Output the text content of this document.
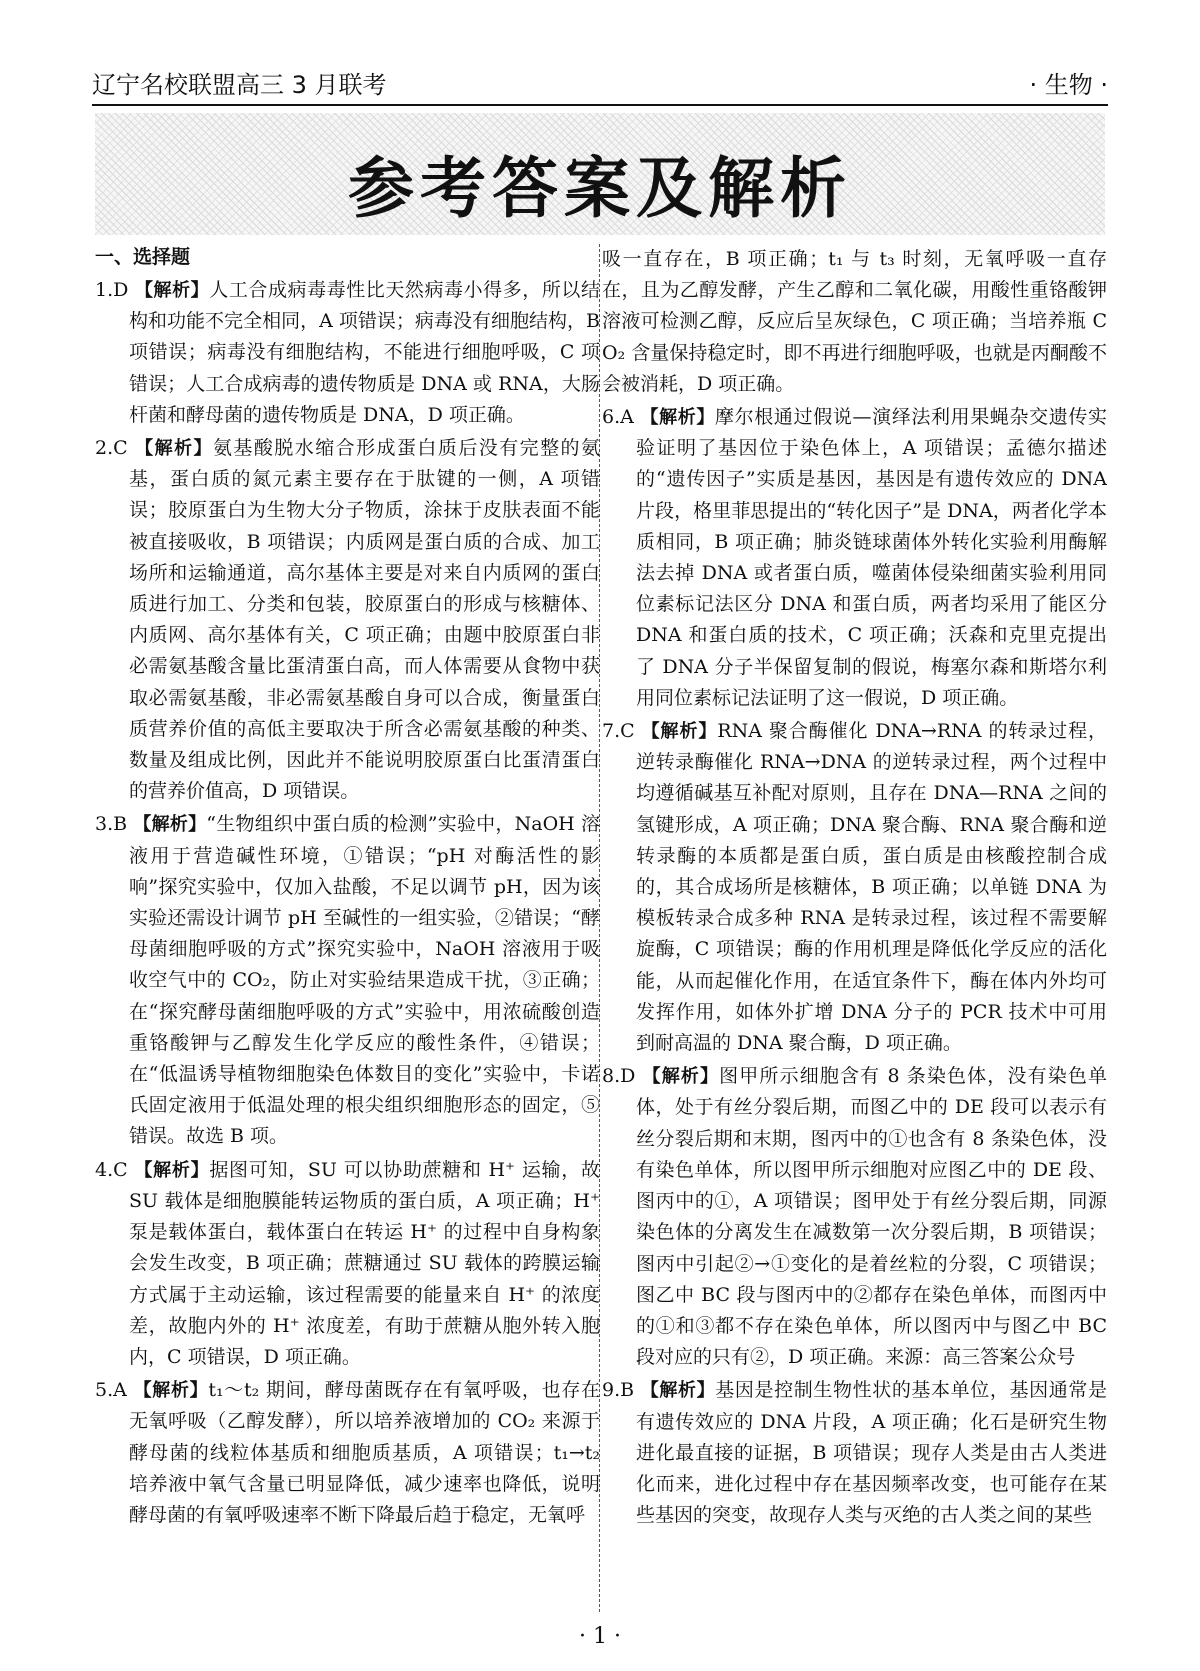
辽宁名校联盟高三 3 月联考	· 生物 ·
参考答案及解析
一、选择题

1.D 【解析】人工合成病毒毒性比天然病毒小得多，所以结构和功能不完全相同，A 项错误；病毒没有细胞结构，B 项错误；病毒没有细胞结构，不能进行细胞呼吸，C 项错误；人工合成病毒的遗传物质是 DNA 或 RNA，大肠杆菌和酵母菌的遗传物质是 DNA，D 项正确。

2.C 【解析】氨基酸脱水缩合形成蛋白质后没有完整的氨基，蛋白质的氮元素主要存在于肽键的一侧，A 项错误；胶原蛋白为生物大分子物质，涂抹于皮肤表面不能被直接吸收，B 项错误；内质网是蛋白质的合成、加工场所和运输通道，高尔基体主要是对来自内质网的蛋白质进行加工、分类和包装，胶原蛋白的形成与核糖体、内质网、高尔基体有关，C 项正确；由题中胶原蛋白非必需氨基酸含量比蛋清蛋白高，而人体需要从食物中获取必需氨基酸，非必需氨基酸自身可以合成，衡量蛋白质营养价值的高低主要取决于所含必需氨基酸的种类、数量及组成比例，因此并不能说明胶原蛋白比蛋清蛋白的营养价值高，D 项错误。

3.B 【解析】“生物组织中蛋白质的检测”实验中，NaOH 溶液用于营造碱性环境，①错误；“pH 对酶活性的影响”探究实验中，仅加入盐酸，不足以调节 pH，因为该实验还需设计调节 pH 至碱性的一组实验，②错误；“酵母菌细胞呼吸的方式”探究实验中，NaOH 溶液用于吸收空气中的 CO₂，防止对实验结果造成干扰，③正确；在“探究酵母菌细胞呼吸的方式”实验中，用浓硫酸创造重铬酸钾与乙醇发生化学反应的酸性条件，④错误；在“低温诱导植物细胞染色体数目的变化”实验中，卡诺氏固定液用于低温处理的根尖组织细胞形态的固定，⑤错误。故选 B 项。

4.C 【解析】据图可知，SU 可以协助蔗糖和 H⁺ 运输，故 SU 载体是细胞膜能转运物质的蛋白质，A 项正确；H⁺ 泵是载体蛋白，载体蛋白在转运 H⁺ 的过程中自身构象会发生改变，B 项正确；蔗糖通过 SU 载体的跨膜运输方式属于主动运输，该过程需要的能量来自 H⁺ 的浓度差，故胞内外的 H⁺ 浓度差，有助于蔗糖从胞外转入胞内，C 项错误，D 项正确。

5.A 【解析】t₁～t₂ 期间，酵母菌既存在有氧呼吸，也存在无氧呼吸（乙醇发酵），所以培养液增加的 CO₂ 来源于酵母菌的线粒体基质和细胞质基质，A 项错误；t₁→t₂ 培养液中氧气含量已明显降低，减少速率也降低，说明酵母菌的有氧呼吸速率不断下降最后趋于稳定，无氧呼

吸一直存在，B 项正确；t₁ 与 t₃ 时刻，无氧呼吸一直存在，且为乙醇发酵，产生乙醇和二氧化碳，用酸性重铬酸钾溶液可检测乙醇，反应后呈灰绿色，C 项正确；当培养瓶 CO₂ 含量保持稳定时，即不再进行细胞呼吸，也就是丙酮酸不会被消耗，D 项正确。

6.A 【解析】摩尔根通过假说—演绎法利用果蝇杂交遗传实验证明了基因位于染色体上，A 项错误；孟德尔描述的“遗传因子”实质是基因，基因是有遗传效应的 DNA 片段，格里菲思提出的“转化因子”是 DNA，两者化学本质相同，B 项正确；肺炎链球菌体外转化实验利用酶解法去掉 DNA 或者蛋白质，噬菌体侵染细菌实验利用同位素标记法区分 DNA 和蛋白质，两者均采用了能区分 DNA 和蛋白质的技术，C 项正确；沃森和克里克提出了 DNA 分子半保留复制的假说，梅塞尔森和斯塔尔利用同位素标记法证明了这一假说，D 项正确。

7.C 【解析】RNA 聚合酶催化 DNA→RNA 的转录过程，逆转录酶催化 RNA→DNA 的逆转录过程，两个过程中均遵循碱基互补配对原则，且存在 DNA—RNA 之间的氢键形成，A 项正确；DNA 聚合酶、RNA 聚合酶和逆转录酶的本质都是蛋白质，蛋白质是由核酸控制合成的，其合成场所是核糖体，B 项正确；以单链 DNA 为模板转录合成多种 RNA 是转录过程，该过程不需要解旋酶，C 项错误；酶的作用机理是降低化学反应的活化能，从而起催化作用，在适宜条件下，酶在体内外均可发挥作用，如体外扩增 DNA 分子的 PCR 技术中可用到耐高温的 DNA 聚合酶，D 项正确。

8.D 【解析】图甲所示细胞含有 8 条染色体，没有染色单体，处于有丝分裂后期，而图乙中的 DE 段可以表示有丝分裂后期和末期，图丙中的①也含有 8 条染色体，没有染色单体，所以图甲所示细胞对应图乙中的 DE 段、图丙中的①，A 项错误；图甲处于有丝分裂后期，同源染色体的分离发生在减数第一次分裂后期，B 项错误；图丙中引起②→①变化的是着丝粒的分裂，C 项错误；图乙中 BC 段与图丙中的②都存在染色单体，而图丙中的①和③都不存在染色单体，所以图丙中与图乙中 BC 段对应的只有②，D 项正确。来源：高三答案公众号

9.B 【解析】基因是控制生物性状的基本单位，基因通常是有遗传效应的 DNA 片段，A 项正确；化石是研究生物进化最直接的证据，B 项错误；现存人类是由古人类进化而来，进化过程中存在基因频率改变，也可能存在某些基因的突变，故现存人类与灭绝的古人类之间的某些

· 1 ·
